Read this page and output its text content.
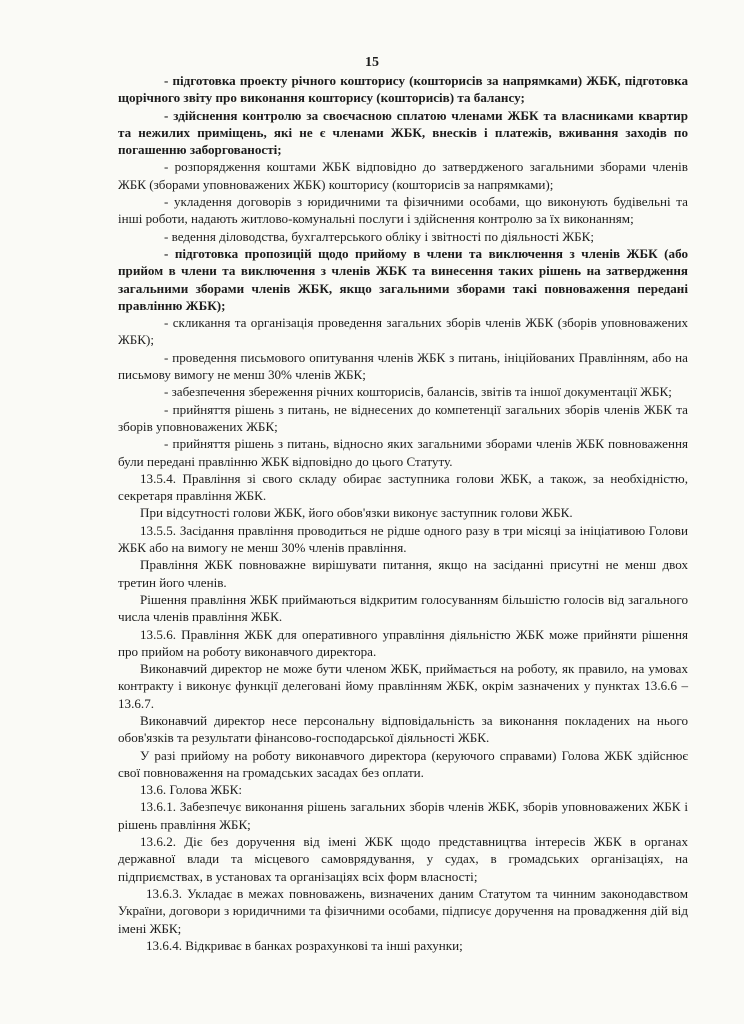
15

- підготовка проекту річного кошторису (кошторисів за напрямками) ЖБК, підготовка щорічного звіту про виконання кошторису (кошторисів) та балансу;

- здійснення контролю за своєчасною сплатою членами ЖБК та власниками квартир та нежилих приміщень, які не є членами ЖБК, внесків і платежів, вживання заходів по погашенню заборгованості;

- розпорядження коштами ЖБК відповідно до затвердженого загальними зборами членів ЖБК (зборами уповноважених ЖБК) кошторису (кошторисів за напрямками);

- укладення договорів з юридичними та фізичними особами, що виконують будівельні та інші роботи, надають житлово-комунальні послуги і здійснення контролю за їх виконанням;

- ведення діловодства, бухгалтерського обліку і звітності по діяльності ЖБК;

- підготовка пропозицій щодо прийому в члени та виключення з членів ЖБК (або прийом в члени та виключення з членів ЖБК та винесення таких рішень на затвердження загальними зборами членів ЖБК, якщо загальними зборами такі повноваження передані правлінню ЖБК);

- скликання та організація проведення загальних зборів членів ЖБК (зборів уповноважених ЖБК);

- проведення письмового опитування членів ЖБК з питань, ініційованих Правлінням, або на письмову вимогу не менш 30% членів ЖБК;

- забезпечення збереження річних кошторисів, балансів, звітів та іншої документації ЖБК;

- прийняття рішень з питань, не віднесених до компетенції загальних зборів членів ЖБК та зборів уповноважених ЖБК;

- прийняття рішень з питань, відносно яких загальними зборами членів ЖБК повноваження були передані правлінню ЖБК відповідно до цього Статуту.

13.5.4. Правління зі свого складу обирає заступника голови ЖБК, а також, за необхідністю, секретаря правління ЖБК.

При відсутності голови ЖБК, його обов'язки виконує заступник голови ЖБК.

13.5.5. Засідання правління проводиться не рідше одного разу в три місяці за ініціативою Голови ЖБК або на вимогу не менш 30% членів правління.

Правління ЖБК повноважне вирішувати питання, якщо на засіданні присутні не менш двох третин його членів.

Рішення правління ЖБК приймаються відкритим голосуванням більшістю голосів від загального числа членів правління ЖБК.

13.5.6. Правління ЖБК для оперативного управління діяльністю ЖБК може прийняти рішення про прийом на роботу виконавчого директора.

Виконавчий директор не може бути членом ЖБК, приймається на роботу, як правило, на умовах контракту і виконує функції делеговані йому правлінням ЖБК, окрім зазначених у пунктах 13.6.6 – 13.6.7.

Виконавчий директор несе персональну відповідальність за виконання покладених на нього обов'язків та результати фінансово-господарської діяльності ЖБК.

У разі прийому на роботу виконавчого директора (керуючого справами) Голова ЖБК здійснює свої повноваження на громадських засадах без оплати.

13.6. Голова ЖБК:

13.6.1. Забезпечує виконання рішень загальних зборів членів ЖБК, зборів уповноважених ЖБК і рішень правління ЖБК;

13.6.2. Діє без доручення від імені ЖБК щодо представництва інтересів ЖБК в органах державної влади та місцевого самоврядування, у судах, в громадських організаціях, на підприємствах, в установах та організаціях всіх форм власності;

13.6.3. Укладає в межах повноважень, визначених даним Статутом та чинним законодавством України, договори з юридичними та фізичними особами, підписує доручення на провадження дій від імені ЖБК;

13.6.4. Відкриває в банках розрахункові та інші рахунки;
